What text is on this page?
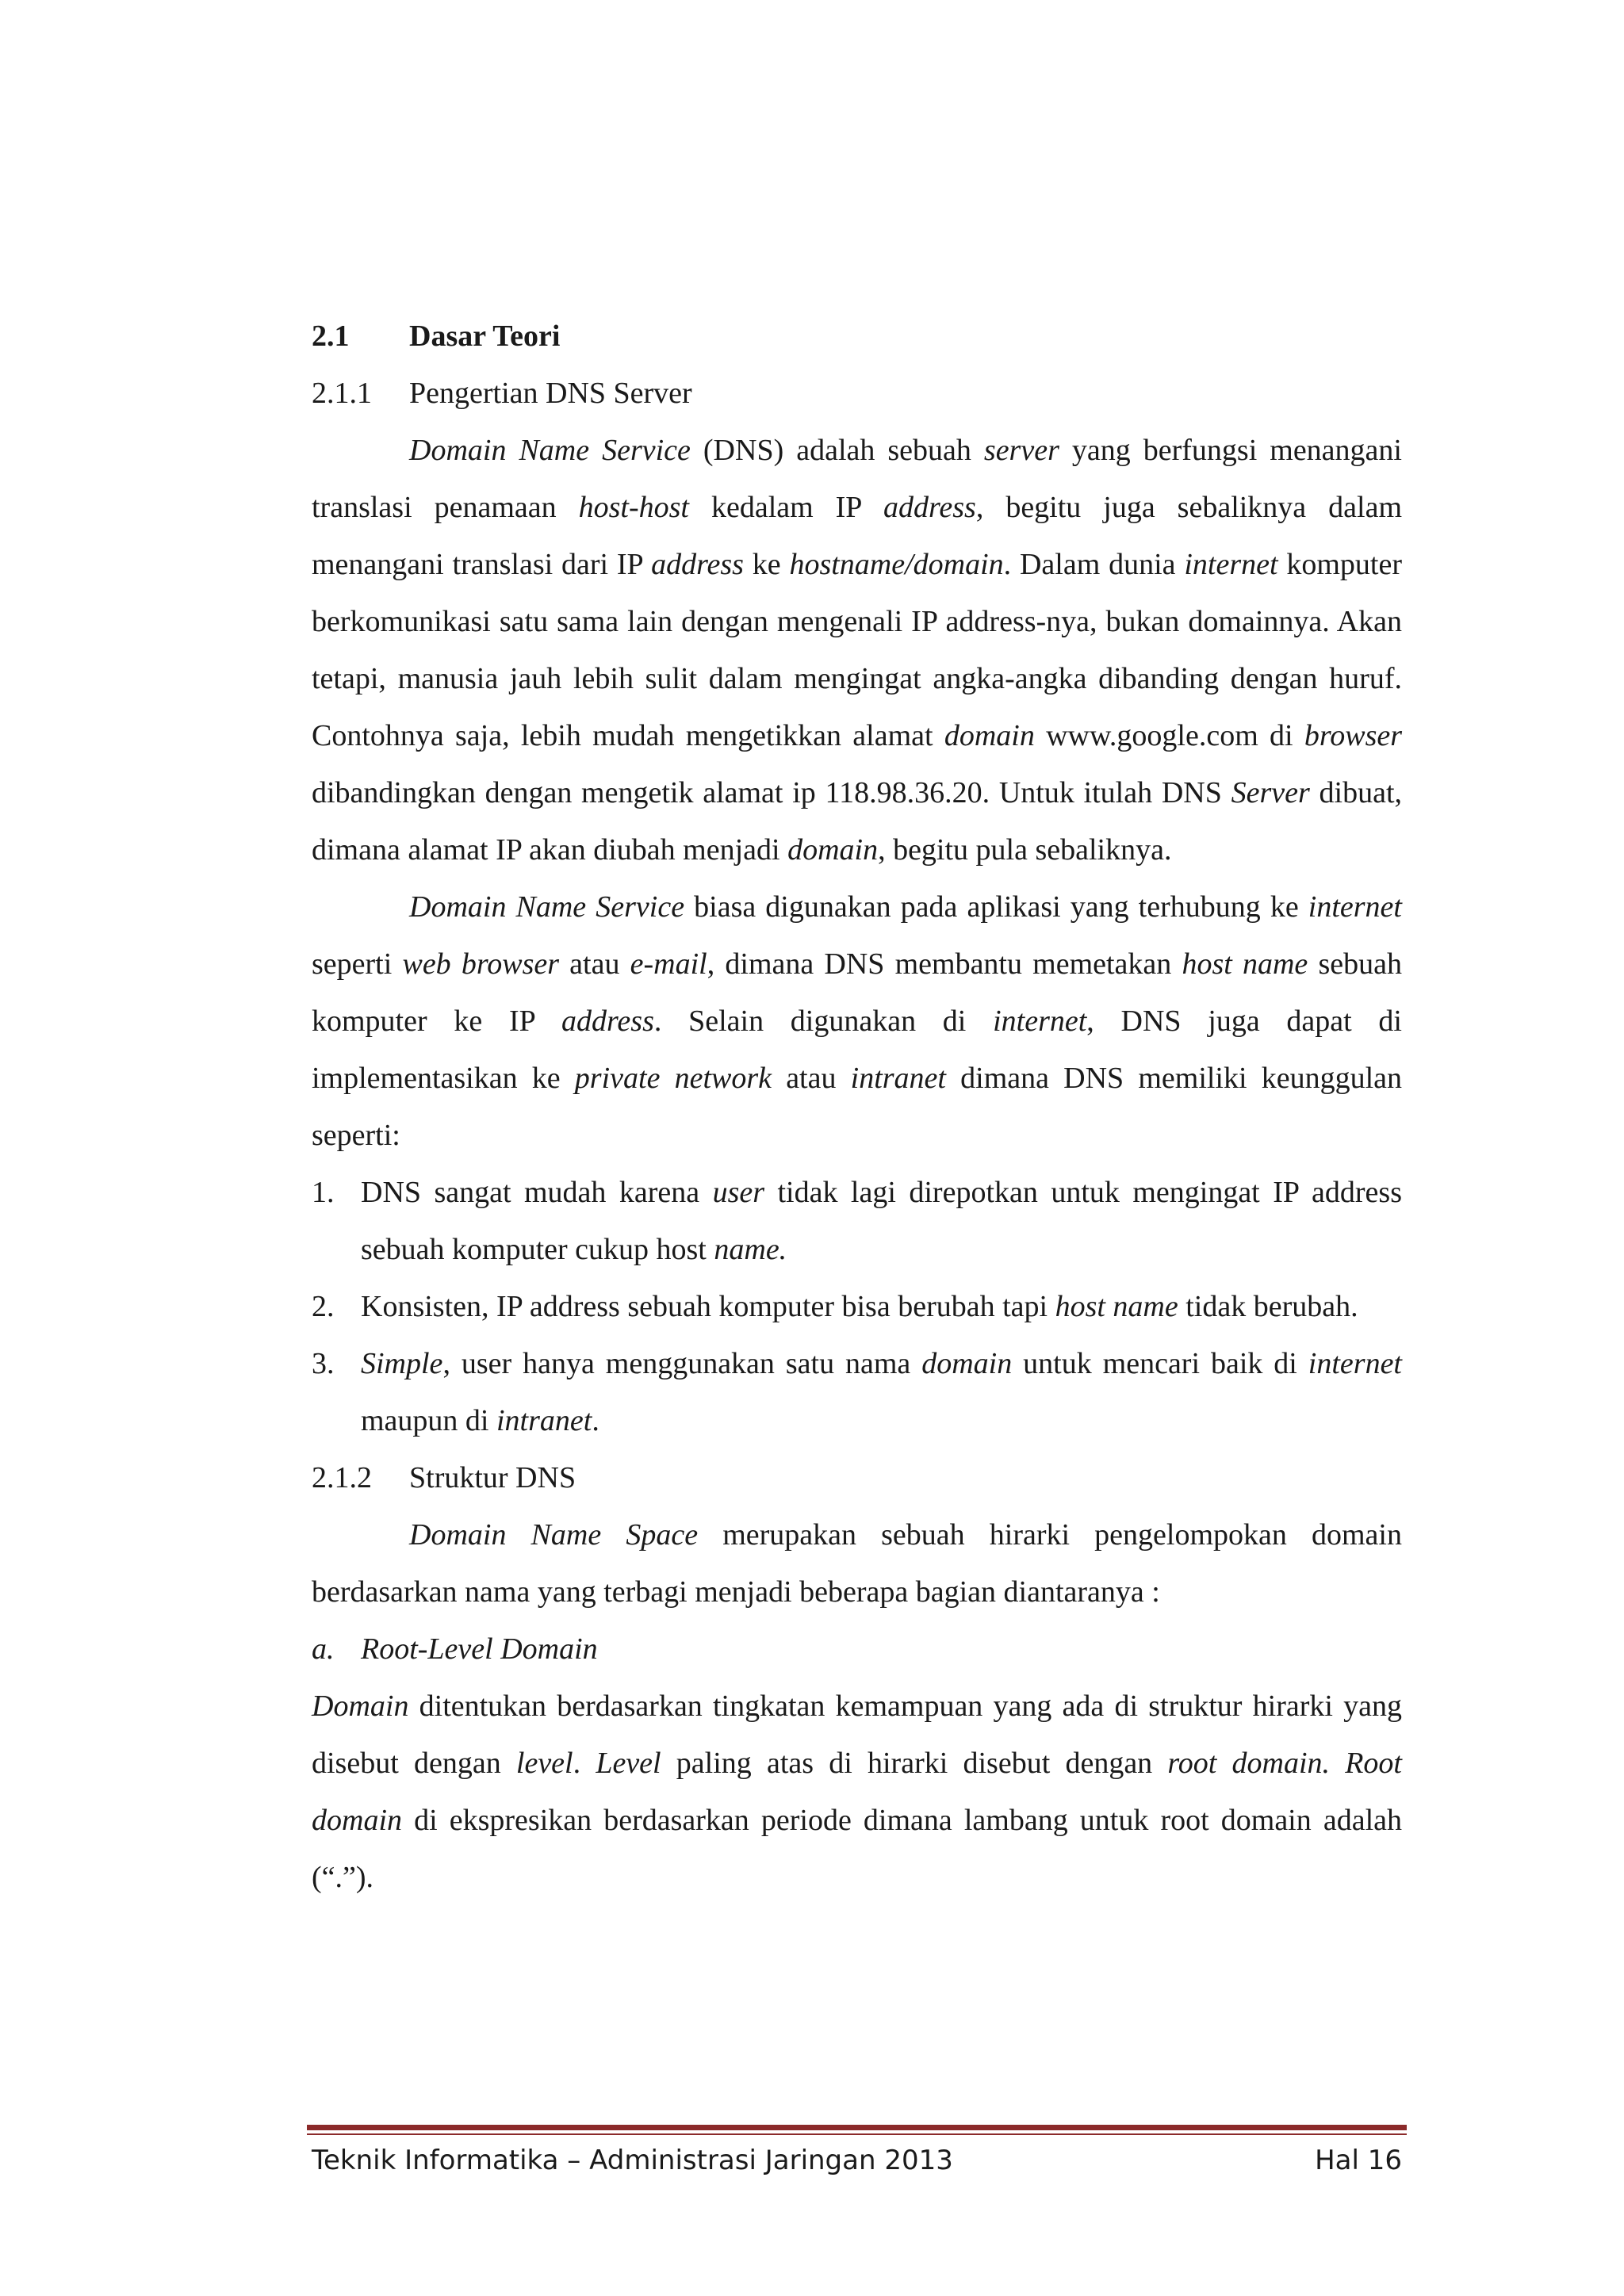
2.1 Dasar Teori
2.1.1 Pengertian DNS Server

Domain Name Service (DNS) adalah sebuah server yang berfungsi menangani translasi penamaan host-host kedalam IP address, begitu juga sebaliknya dalam menangani translasi dari IP address ke hostname/domain. Dalam dunia internet komputer berkomunikasi satu sama lain dengan mengenali IP address-nya, bukan domainnya. Akan tetapi, manusia jauh lebih sulit dalam mengingat angka-angka dibanding dengan huruf. Contohnya saja, lebih mudah mengetikkan alamat domain www.google.com di browser dibandingkan dengan mengetik alamat ip 118.98.36.20. Untuk itulah DNS Server dibuat, dimana alamat IP akan diubah menjadi domain, begitu pula sebaliknya.

Domain Name Service biasa digunakan pada aplikasi yang terhubung ke internet seperti web browser atau e-mail, dimana DNS membantu memetakan host name sebuah komputer ke IP address. Selain digunakan di internet, DNS juga dapat di implementasikan ke private network atau intranet dimana DNS memiliki keunggulan seperti:

1. DNS sangat mudah karena user tidak lagi direpotkan untuk mengingat IP address sebuah komputer cukup host name.
2. Konsisten, IP address sebuah komputer bisa berubah tapi host name tidak berubah.
3. Simple, user hanya menggunakan satu nama domain untuk mencari baik di internet maupun di intranet.
2.1.2 Struktur DNS

Domain Name Space merupakan sebuah hirarki pengelompokan domain berdasarkan nama yang terbagi menjadi beberapa bagian diantaranya :

a. Root-Level Domain

Domain ditentukan berdasarkan tingkatan kemampuan yang ada di struktur hirarki yang disebut dengan level. Level paling atas di hirarki disebut dengan root domain. Root domain di ekspresikan berdasarkan periode dimana lambang untuk root domain adalah (“.”).

Teknik Informatika – Administrasi Jaringan 2013	Hal 16
